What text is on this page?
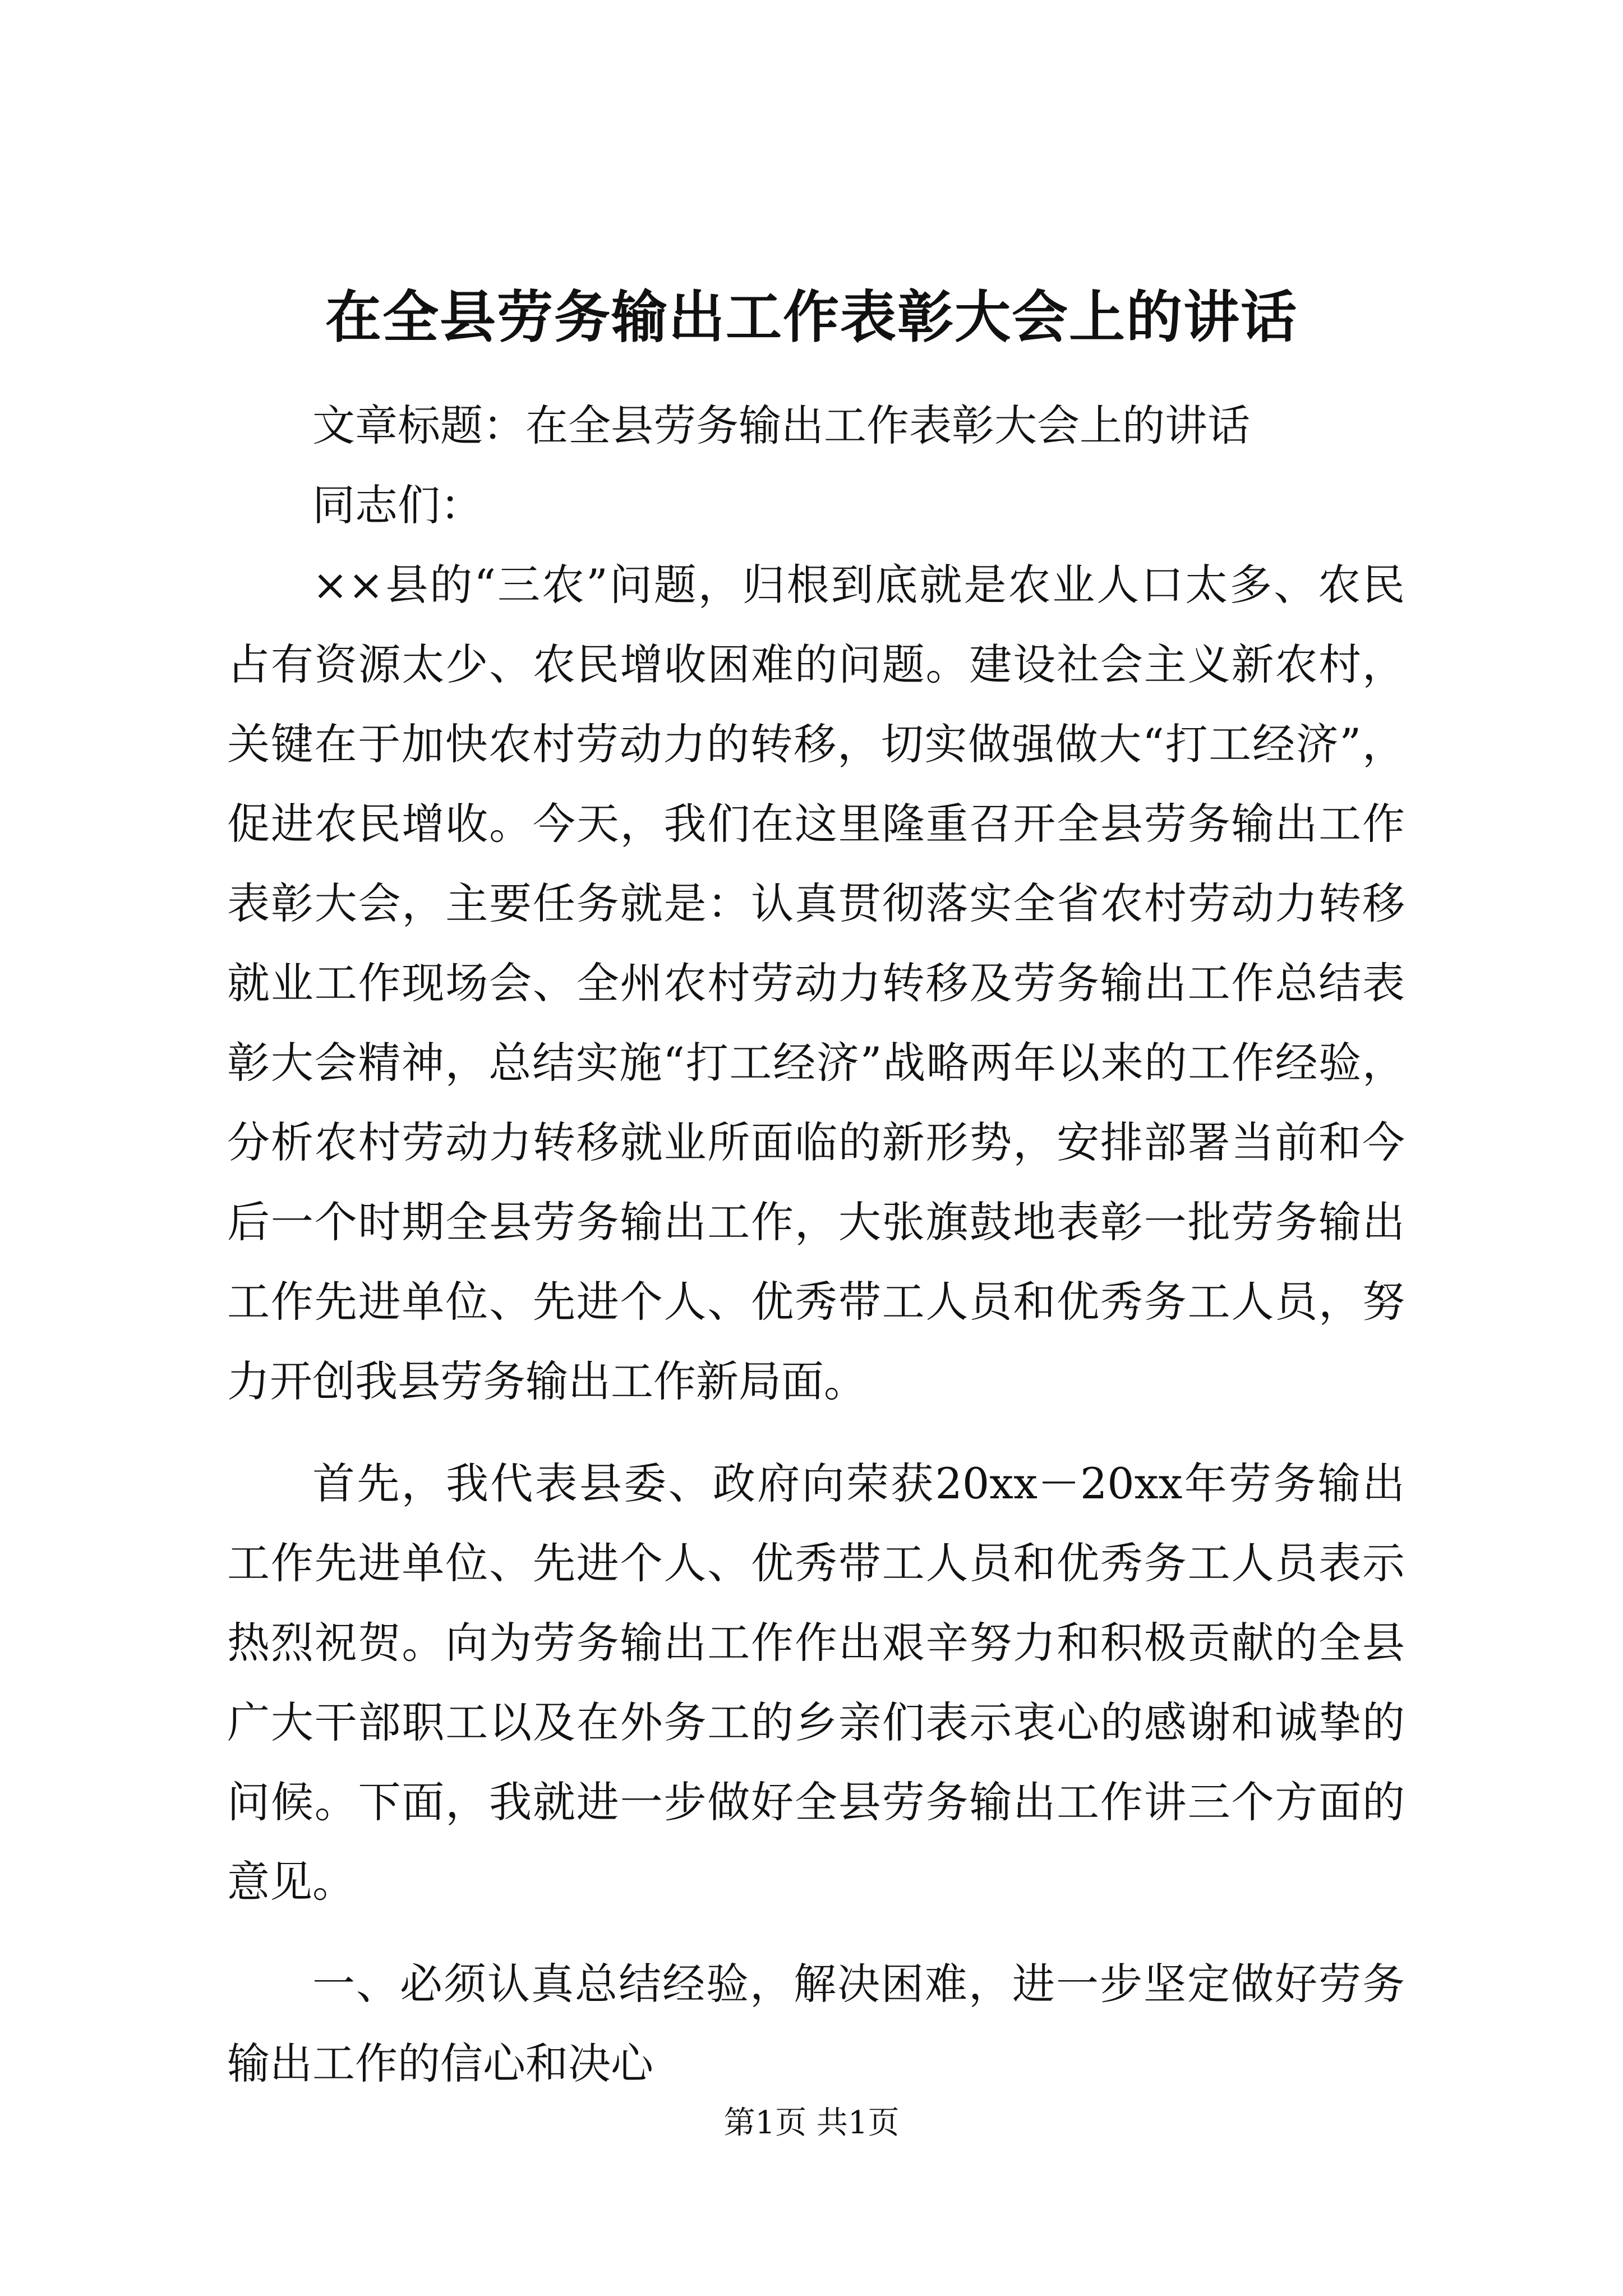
在全县劳务输出工作表彰大会上的讲话

文章标题：在全县劳务输出工作表彰大会上的讲话

同志们：

××县的“三农”问题，归根到底就是农业人口太多、农民占有资源太少、农民增收困难的问题。建设社会主义新农村，关键在于加快农村劳动力的转移，切实做强做大“打工经济”，促进农民增收。今天，我们在这里隆重召开全县劳务输出工作表彰大会，主要任务就是：认真贯彻落实全省农村劳动力转移就业工作现场会、全州农村劳动力转移及劳务输出工作总结表彰大会精神，总结实施“打工经济”战略两年以来的工作经验，分析农村劳动力转移就业所面临的新形势，安排部署当前和今后一个时期全县劳务输出工作，大张旗鼓地表彰一批劳务输出工作先进单位、先进个人、优秀带工人员和优秀务工人员，努力开创我县劳务输出工作新局面。

首先，我代表县委、政府向荣获20xx－20xx年劳务输出工作先进单位、先进个人、优秀带工人员和优秀务工人员表示热烈祝贺。向为劳务输出工作作出艰辛努力和积极贡献的全县广大干部职工以及在外务工的乡亲们表示衷心的感谢和诚挚的问候。下面，我就进一步做好全县劳务输出工作讲三个方面的意见。

一、必须认真总结经验，解决困难，进一步坚定做好劳务输出工作的信心和决心

第1页 共1页
